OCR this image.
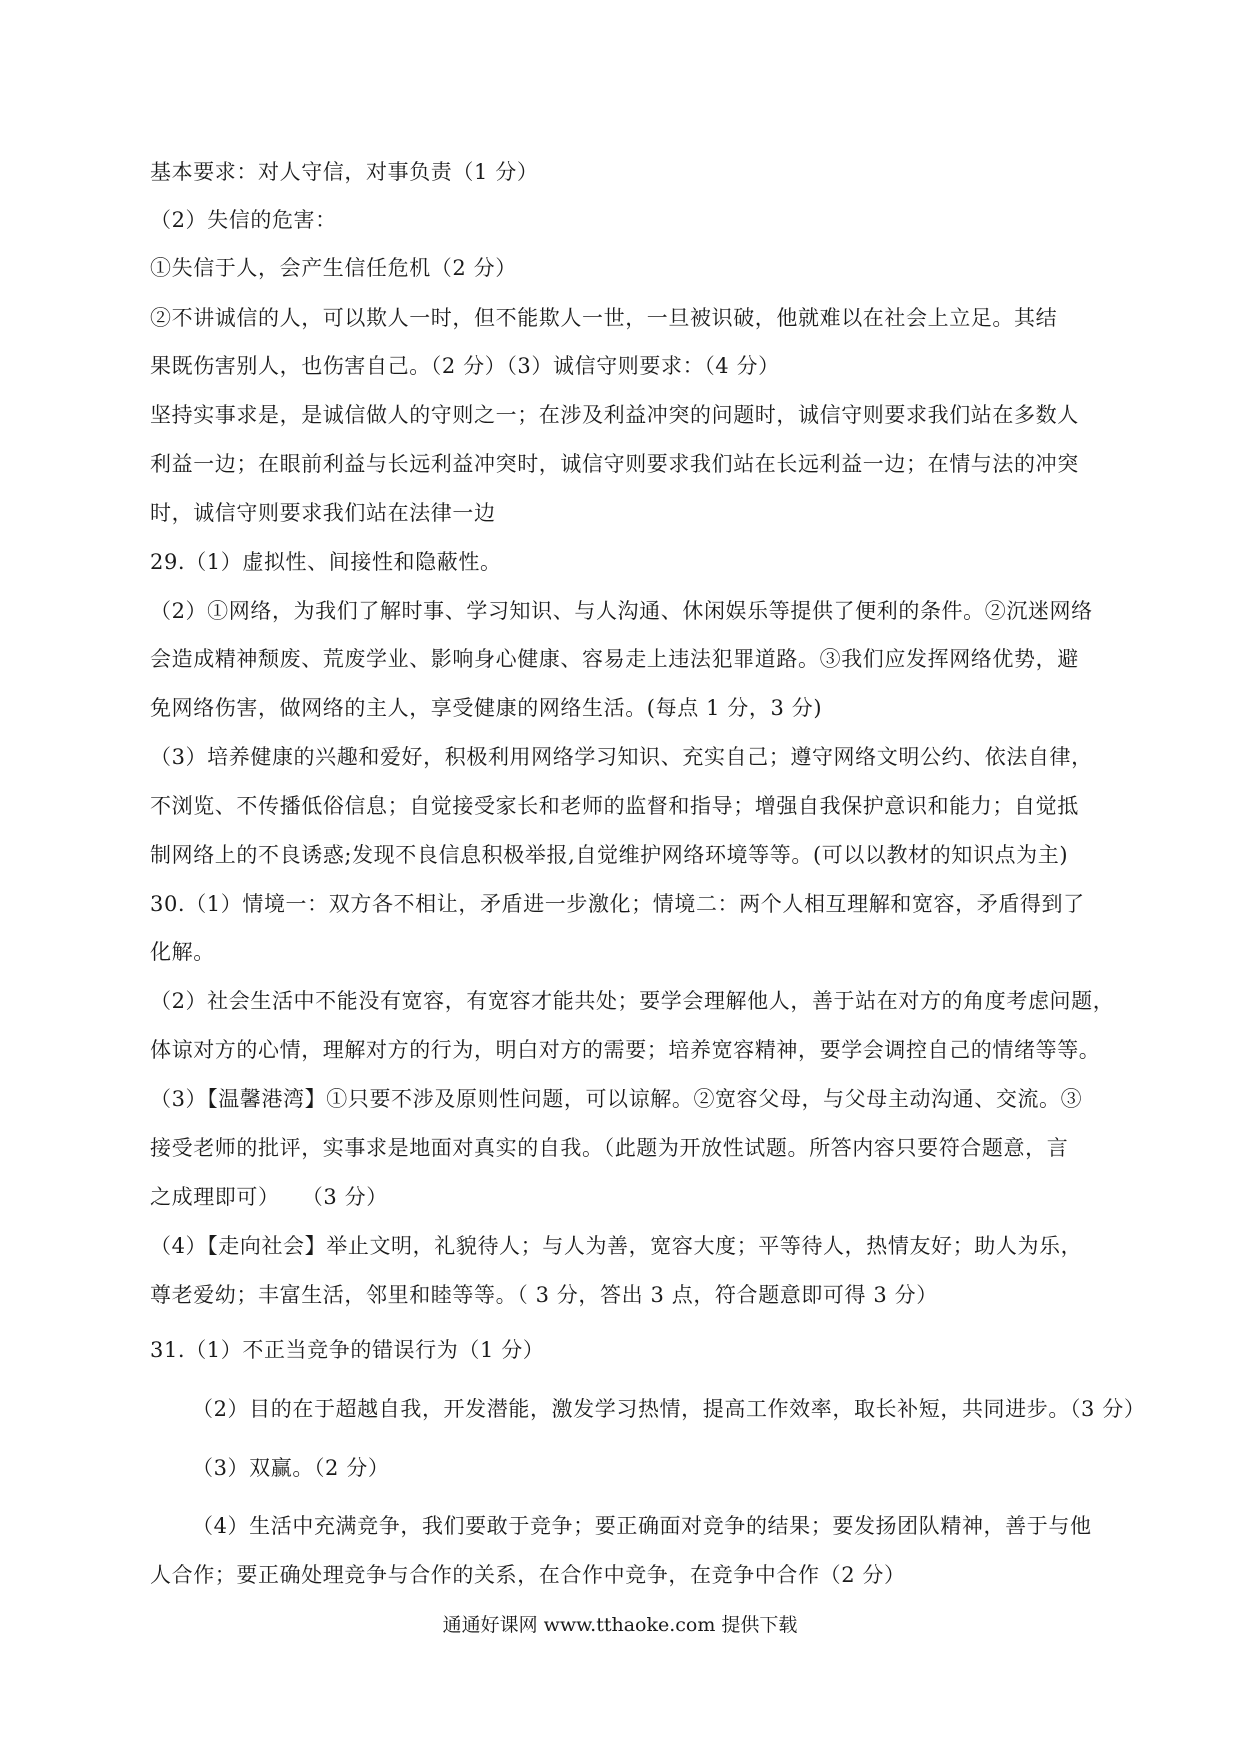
基本要求：对人守信，对事负责（1 分）
（2）失信的危害：
①失信于人，会产生信任危机（2 分）
②不讲诚信的人，可以欺人一时，但不能欺人一世，一旦被识破，他就难以在社会上立足。其结
果既伤害别人，也伤害自己。（2 分）（3）诚信守则要求：（4 分）
坚持实事求是，是诚信做人的守则之一；在涉及利益冲突的问题时，诚信守则要求我们站在多数人
利益一边；在眼前利益与长远利益冲突时，诚信守则要求我们站在长远利益一边；在情与法的冲突
时，诚信守则要求我们站在法律一边
29.（1）虚拟性、间接性和隐蔽性。
（2）①网络，为我们了解时事、学习知识、与人沟通、休闲娱乐等提供了便利的条件。②沉迷网络
会造成精神颓废、荒废学业、影响身心健康、容易走上违法犯罪道路。③我们应发挥网络优势，避
免网络伤害，做网络的主人，享受健康的网络生活。(每点 1 分，3 分)
（3）培养健康的兴趣和爱好，积极利用网络学习知识、充实自己；遵守网络文明公约、依法自律，
不浏览、不传播低俗信息；自觉接受家长和老师的监督和指导；增强自我保护意识和能力；自觉抵
制网络上的不良诱惑;发现不良信息积极举报,自觉维护网络环境等等。(可以以教材的知识点为主)
30.（1）情境一：双方各不相让，矛盾进一步激化；情境二：两个人相互理解和宽容，矛盾得到了
化解。
（2）社会生活中不能没有宽容，有宽容才能共处；要学会理解他人，善于站在对方的角度考虑问题，
体谅对方的心情，理解对方的行为，明白对方的需要；培养宽容精神，要学会调控自己的情绪等等。
（3）【温馨港湾】①只要不涉及原则性问题，可以谅解。②宽容父母，与父母主动沟通、交流。③
接受老师的批评，实事求是地面对真实的自我。（此题为开放性试题。所答内容只要符合题意，言
之成理即可）　　（3 分）
（4）【走向社会】举止文明，礼貌待人；与人为善，宽容大度；平等待人，热情友好；助人为乐，
尊老爱幼；丰富生活，邻里和睦等等。（ 3 分，答出 3 点，符合题意即可得 3 分）
31.（1）不正当竞争的错误行为（1 分）
（2）目的在于超越自我，开发潜能，激发学习热情，提高工作效率，取长补短，共同进步。（3 分）
（3）双赢。（2 分）
（4）生活中充满竞争，我们要敢于竞争；要正确面对竞争的结果；要发扬团队精神，善于与他
人合作；要正确处理竞争与合作的关系，在合作中竞争，在竞争中合作（2 分）
通通好课网 www.tthaoke.com 提供下载
